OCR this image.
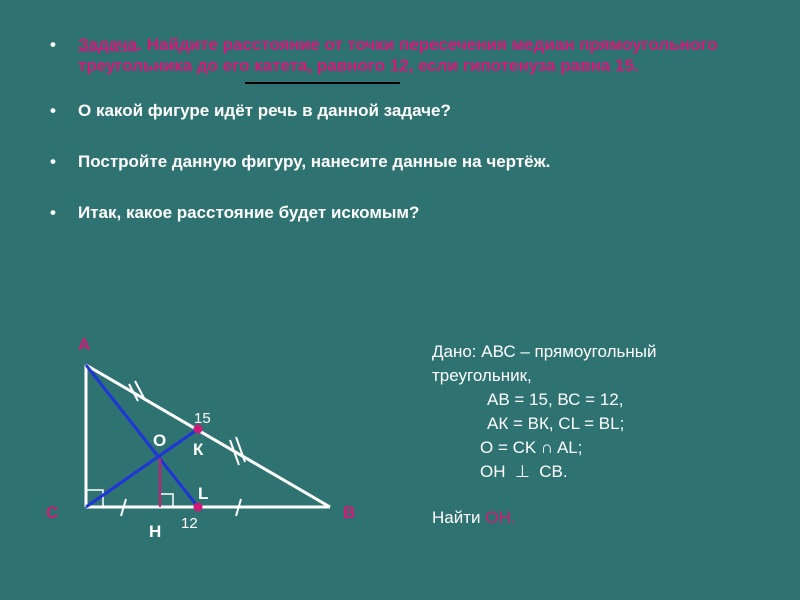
• Задача. Найдите расстояние от точки пересечения медиан прямоугольного треугольника до его катета, равного 12, если гипотенуза равна 15.
• О какой фигуре идёт речь в данной задаче?
• Постройте данную фигуру, нанесите данные на чертёж.
• Итак, какое расстояние будет искомым?
А
С	В
О К
L
Н
15
12
Дано: АВС – прямоугольный
треугольник,
АВ = 15, ВС = 12,
АК = ВК, CL = BL;
O = CK ∩ AL;
OH  ⊥  CB.
Найти ОН.
